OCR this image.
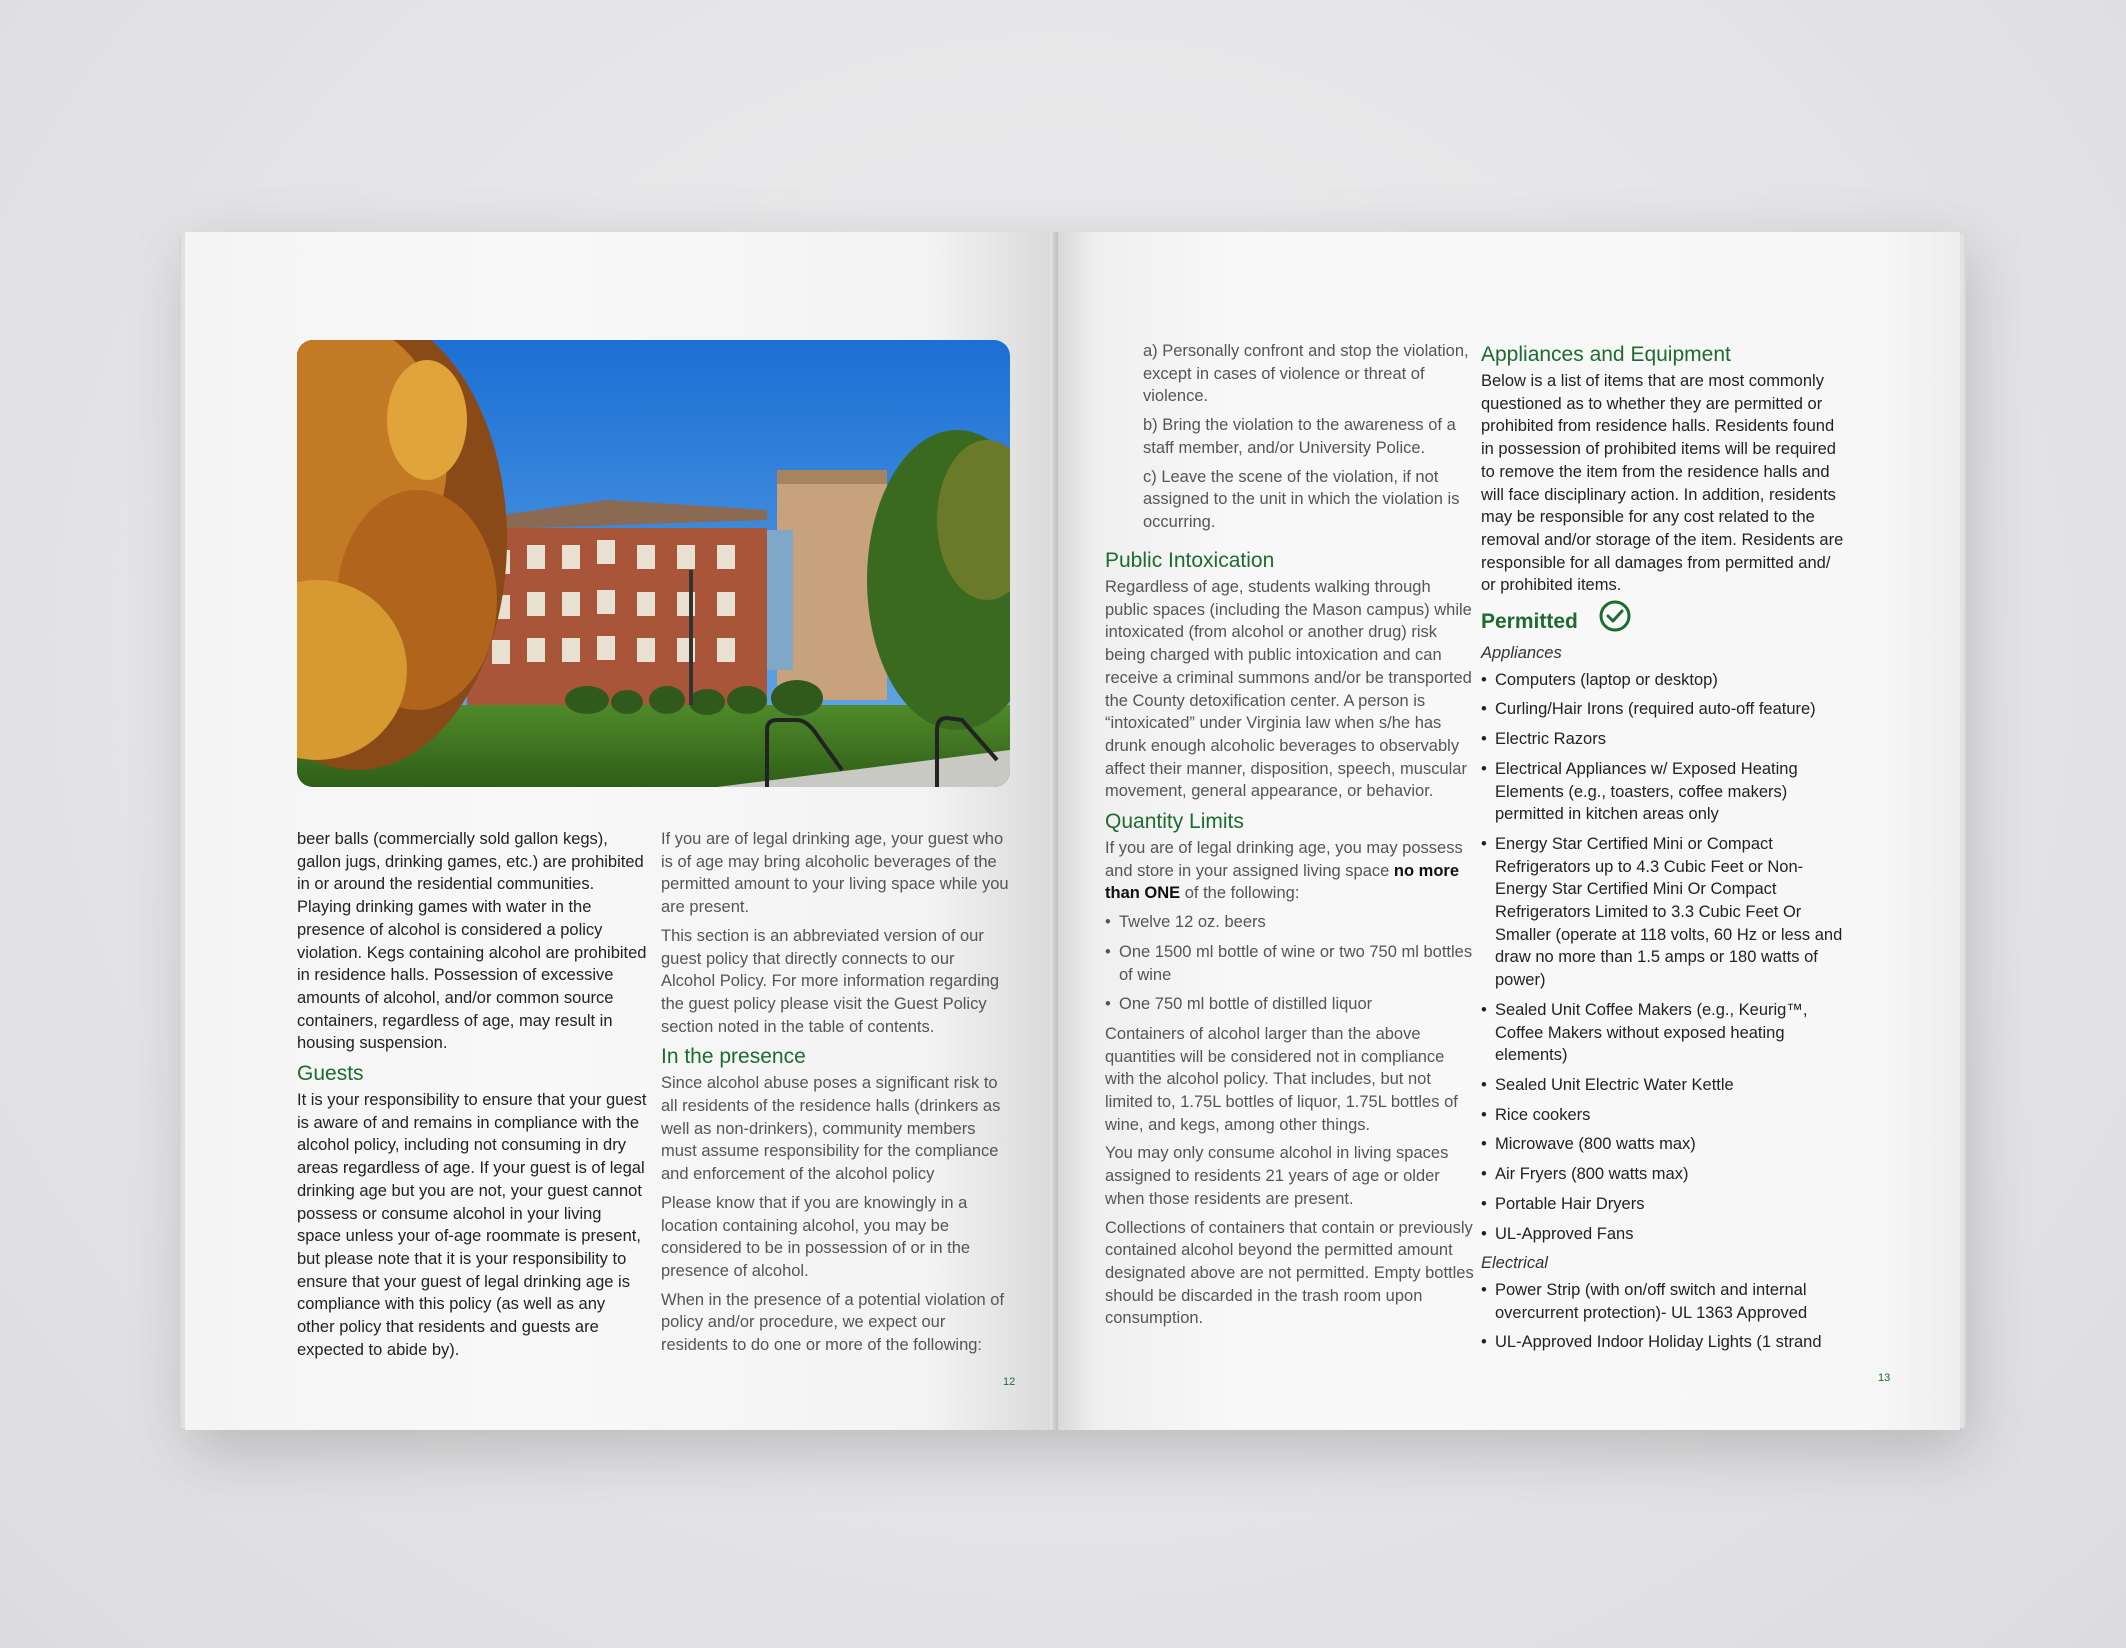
beer balls (commercially sold gallon kegs), gallon jugs, drinking games, etc.) are prohibited in or around the residential communities. Playing drinking games with water in the presence of alcohol is considered a policy violation. Kegs containing alcohol are prohibited in residence halls. Possession of excessive amounts of alcohol, and/or common source containers, regardless of age, may result in housing suspension.

Guests

It is your responsibility to ensure that your guest is aware of and remains in compliance with the alcohol policy, including not consuming in dry areas regardless of age. If your guest is of legal drinking age but you are not, your guest cannot possess or consume alcohol in your living space unless your of-age roommate is present, but please note that it is your responsibility to ensure that your guest of legal drinking age is compliance with this policy (as well as any other policy that residents and guests are expected to abide by).

If you are of legal drinking age, your guest who is of age may bring alcoholic beverages of the permitted amount to your living space while you are present.

This section is an abbreviated version of our guest policy that directly connects to our Alcohol Policy. For more information regarding the guest policy please visit the Guest Policy section noted in the table of contents.

In the presence

Since alcohol abuse poses a significant risk to all residents of the residence halls (drinkers as well as non-drinkers), community members must assume responsibility for the compliance and enforcement of the alcohol policy

Please know that if you are knowingly in a location containing alcohol, you may be considered to be in possession of or in the presence of alcohol.

When in the presence of a potential violation of policy and/or procedure, we expect our residents to do one or more of the following:

12

a) Personally confront and stop the violation, except in cases of violence or threat of violence.

b) Bring the violation to the awareness of a staff member, and/or University Police.

c) Leave the scene of the violation, if not assigned to the unit in which the violation is occurring.

Public Intoxication

Regardless of age, students walking through public spaces (including the Mason campus) while intoxicated (from alcohol or another drug) risk being charged with public intoxication and can receive a criminal summons and/or be transported the County detoxification center. A person is “intoxicated” under Virginia law when s/he has drunk enough alcoholic beverages to observably affect their manner, disposition, speech, muscular movement, general appearance, or behavior.

Quantity Limits

If you are of legal drinking age, you may possess and store in your assigned living space no more than ONE of the following:

• Twelve 12 oz. beers
• One 1500 ml bottle of wine or two 750 ml bottles of wine
• One 750 ml bottle of distilled liquor

Containers of alcohol larger than the above quantities will be considered not in compliance with the alcohol policy. That includes, but not limited to, 1.75L bottles of liquor, 1.75L bottles of wine, and kegs, among other things.

You may only consume alcohol in living spaces assigned to residents 21 years of age or older when those residents are present.

Collections of containers that contain or previously contained alcohol beyond the permitted amount designated above are not permitted. Empty bottles should be discarded in the trash room upon consumption.

Appliances and Equipment

Below is a list of items that are most commonly questioned as to whether they are permitted or prohibited from residence halls. Residents found in possession of prohibited items will be required to remove the item from the residence halls and will face disciplinary action. In addition, residents may be responsible for any cost related to the removal and/or storage of the item. Residents are responsible for all damages from permitted and/ or prohibited items.

Permitted
Appliances
• Computers (laptop or desktop)
• Curling/Hair Irons (required auto-off feature)
• Electric Razors
• Electrical Appliances w/ Exposed Heating Elements (e.g., toasters, coffee makers) permitted in kitchen areas only
• Energy Star Certified Mini or Compact Refrigerators up to 4.3 Cubic Feet or Non-Energy Star Certified Mini Or Compact Refrigerators Limited to 3.3 Cubic Feet Or Smaller (operate at 118 volts, 60 Hz or less and draw no more than 1.5 amps or 180 watts of power)
• Sealed Unit Coffee Makers (e.g., Keurig™, Coffee Makers without exposed heating elements)
• Sealed Unit Electric Water Kettle
• Rice cookers
• Microwave (800 watts max)
• Air Fryers (800 watts max)
• Portable Hair Dryers
• UL-Approved Fans
Electrical
• Power Strip (with on/off switch and internal overcurrent protection)- UL 1363 Approved
• UL-Approved Indoor Holiday Lights (1 strand
13
